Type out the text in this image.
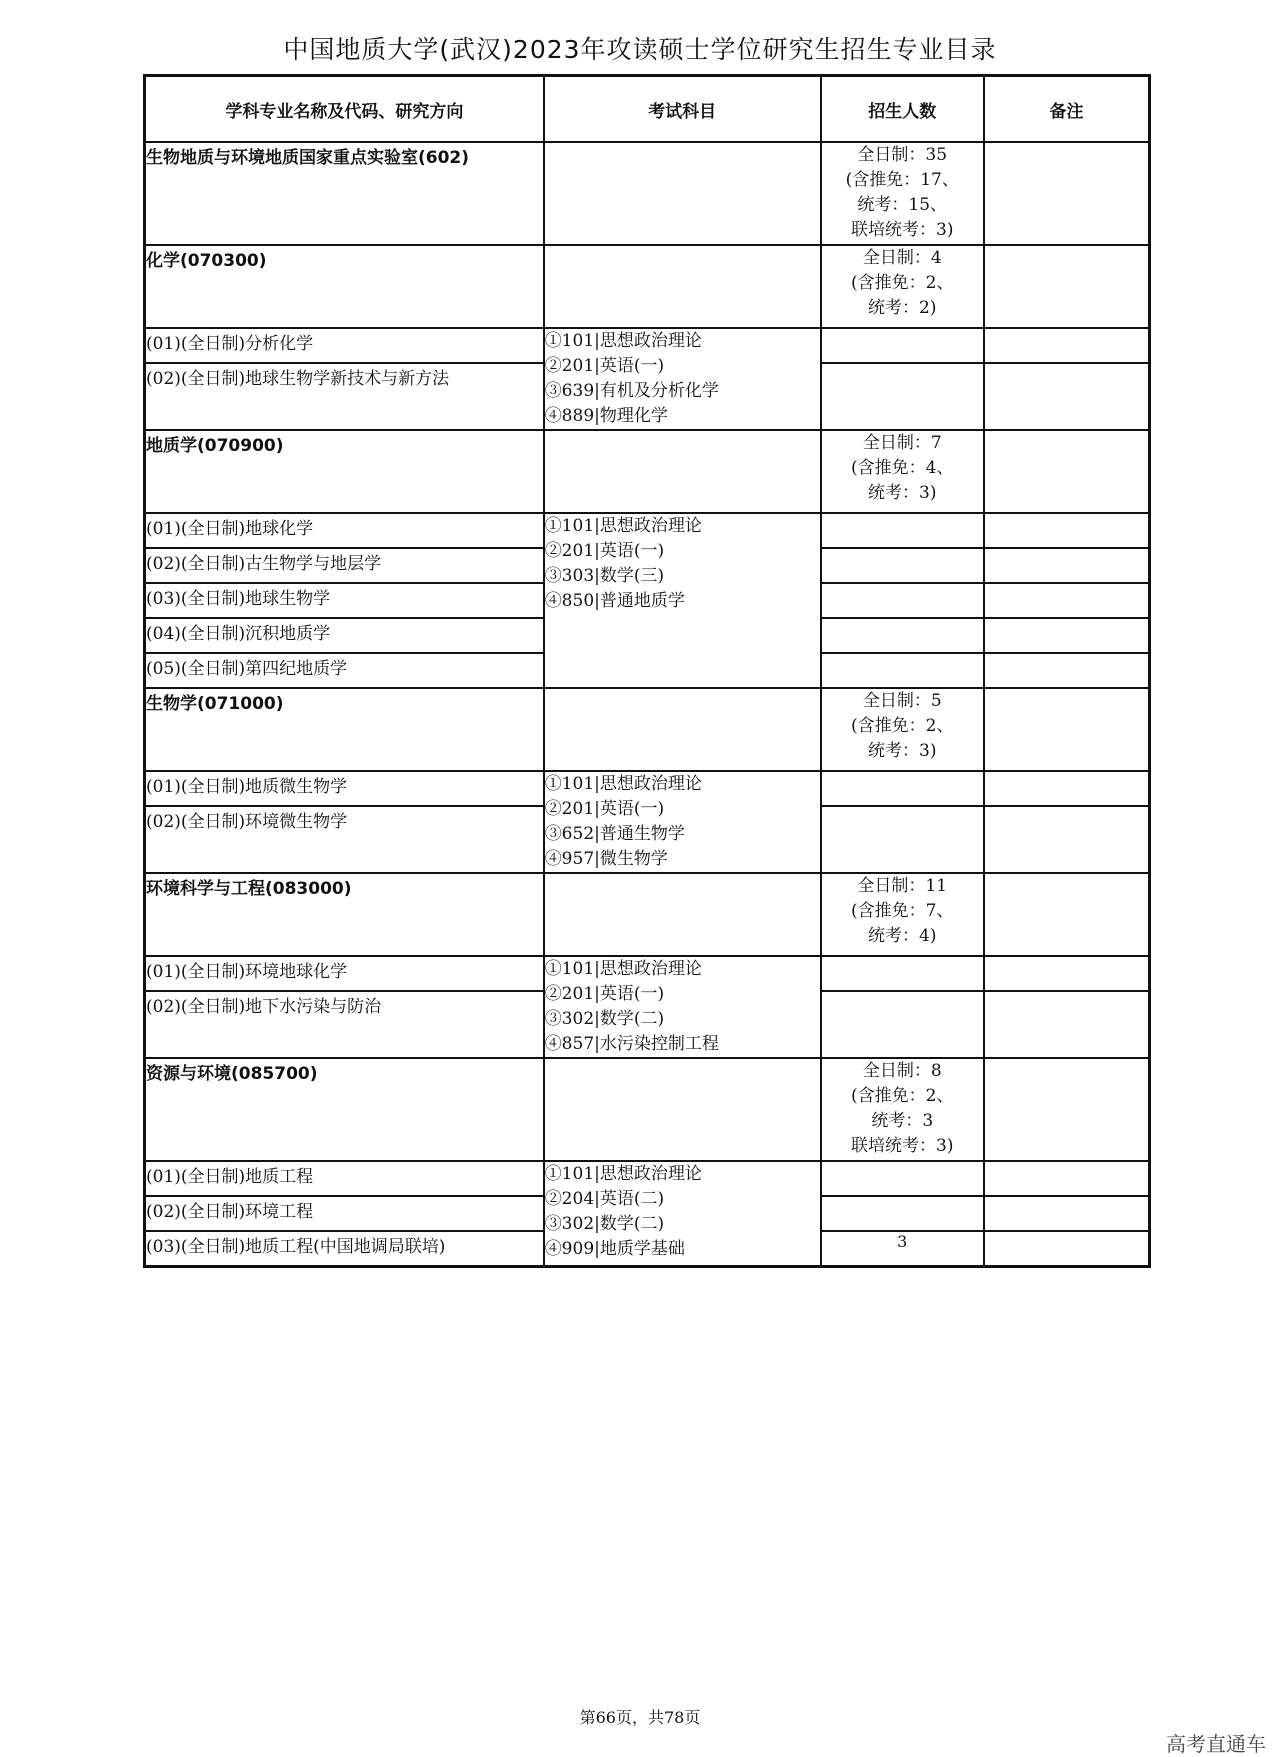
中国地质大学(武汉)2023年攻读硕士学位研究生招生专业目录
学科专业名称及代码、研究方向	考试科目	招生人数	备注
生物地质与环境地质国家重点实验室(602)		全日制：35
(含推免：17、
统考：15、
联培统考：3)	

化学(070300)		全日制：4
(含推免：2、
统考：2)	

(01)(全日制)分析化学	①101|思想政治理论
②201|英语(一)
③639|有机及分析化学
④889|物理化学		

(02)(全日制)地球生物学新技术与新方法			
地质学(070900)		全日制：7
(含推免：4、
统考：3)	

(01)(全日制)地球化学	①101|思想政治理论
②201|英语(一)
③303|数学(三)
④850|普通地质学		

(02)(全日制)古生物学与地层学			
(03)(全日制)地球生物学			
(04)(全日制)沉积地质学			
(05)(全日制)第四纪地质学			
生物学(071000)		全日制：5
(含推免：2、
统考：3)	

(01)(全日制)地质微生物学	①101|思想政治理论
②201|英语(一)
③652|普通生物学
④957|微生物学		

(02)(全日制)环境微生物学			
环境科学与工程(083000)		全日制：11
(含推免：7、
统考：4)	

(01)(全日制)环境地球化学	①101|思想政治理论
②201|英语(一)
③302|数学(二)
④857|水污染控制工程		

(02)(全日制)地下水污染与防治			
资源与环境(085700)		全日制：8
(含推免：2、
统考：3
联培统考：3)	

(01)(全日制)地质工程	①101|思想政治理论
②204|英语(二)
③302|数学(二)
④909|地质学基础		

(02)(全日制)环境工程			
(03)(全日制)地质工程(中国地调局联培)		3	
第66页，共78页
高考直通车
